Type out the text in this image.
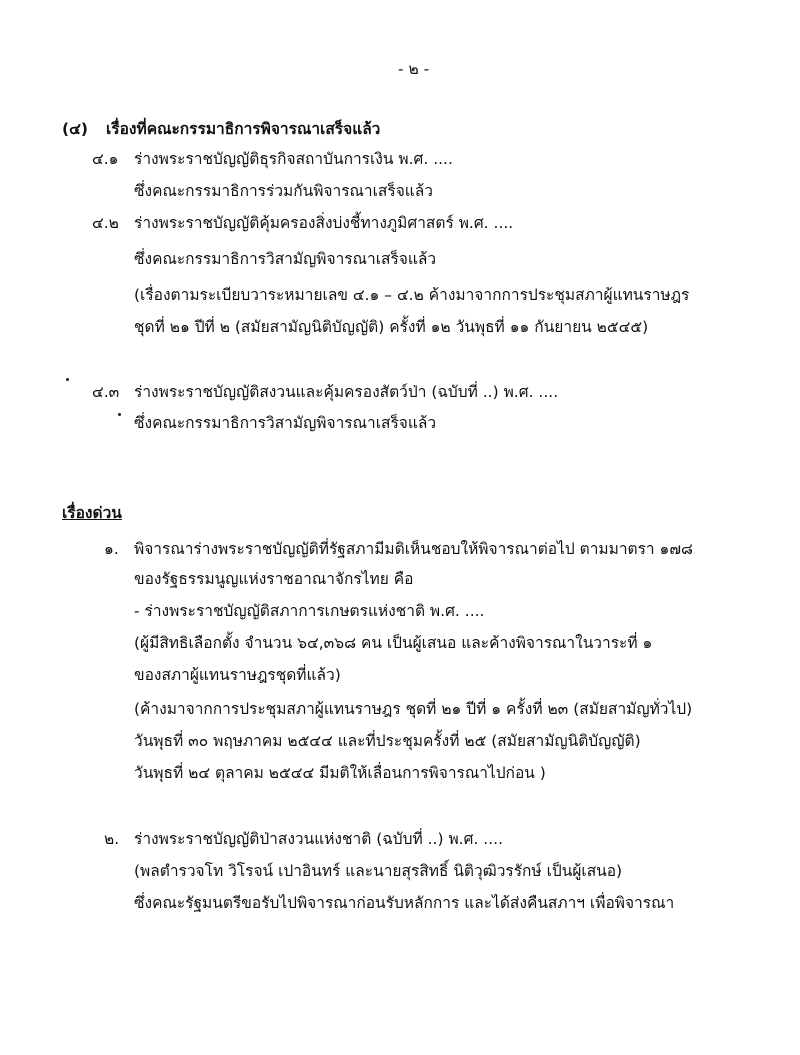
- ๒ -
(๔) เรื่องที่คณะกรรมาธิการพิจารณาเสร็จแล้ว
๔.๑ ร่างพระราชบัญญัติธุรกิจสถาบันการเงิน พ.ศ. ....
ซึ่งคณะกรรมาธิการร่วมกันพิจารณาเสร็จแล้ว
๔.๒ ร่างพระราชบัญญัติคุ้มครองสิ่งบ่งชี้ทางภูมิศาสตร์ พ.ศ. ....
ซึ่งคณะกรรมาธิการวิสามัญพิจารณาเสร็จแล้ว
(เรื่องตามระเบียบวาระหมายเลข ๔.๑ – ๔.๒ ค้างมาจากการประชุมสภาผู้แทนราษฎร
ชุดที่ ๒๑ ปีที่ ๒ (สมัยสามัญนิติบัญญัติ) ครั้งที่ ๑๒ วันพุธที่ ๑๑ กันยายน ๒๕๔๕)
๔.๓ ร่างพระราชบัญญัติสงวนและคุ้มครองสัตว์ป่า (ฉบับที่ ..) พ.ศ. ....
ซึ่งคณะกรรมาธิการวิสามัญพิจารณาเสร็จแล้ว
เรื่องด่วน
๑. พิจารณาร่างพระราชบัญญัติที่รัฐสภามีมติเห็นชอบให้พิจารณาต่อไป ตามมาตรา ๑๗๘
ของรัฐธรรมนูญแห่งราชอาณาจักรไทย คือ
- ร่างพระราชบัญญัติสภาการเกษตรแห่งชาติ พ.ศ. ....
(ผู้มีสิทธิเลือกตั้ง จำนวน ๖๔,๓๖๘ คน เป็นผู้เสนอ และค้างพิจารณาในวาระที่ ๑
ของสภาผู้แทนราษฎรชุดที่แล้ว)
(ค้างมาจากการประชุมสภาผู้แทนราษฎร ชุดที่ ๒๑ ปีที่ ๑ ครั้งที่ ๒๓ (สมัยสามัญทั่วไป)
วันพุธที่ ๓๐ พฤษภาคม ๒๕๔๔ และที่ประชุมครั้งที่ ๒๕ (สมัยสามัญนิติบัญญัติ)
วันพุธที่ ๒๔ ตุลาคม ๒๕๔๔ มีมติให้เลื่อนการพิจารณาไปก่อน )
๒. ร่างพระราชบัญญัติป่าสงวนแห่งชาติ (ฉบับที่ ..) พ.ศ. ....
(พลตำรวจโท วิโรจน์ เปาอินทร์ และนายสุรสิทธิ์ นิติวุฒิวรรักษ์ เป็นผู้เสนอ)
ซึ่งคณะรัฐมนตรีขอรับไปพิจารณาก่อนรับหลักการ และได้ส่งคืนสภาฯ เพื่อพิจารณา
